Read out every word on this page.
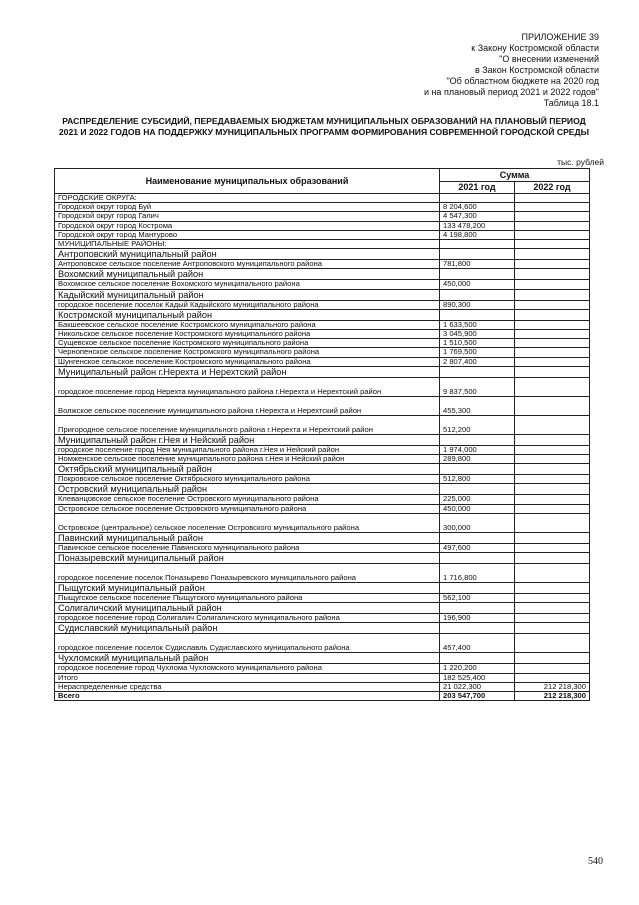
ПРИЛОЖЕНИЕ 39
к Закону Костромской области
"О внесении изменений
в Закон Костромской области
"Об областном бюджете на 2020 год
и на плановый период 2021 и 2022 годов"
Таблица 18.1
РАСПРЕДЕЛЕНИЕ СУБСИДИЙ, ПЕРЕДАВАЕМЫХ БЮДЖЕТАМ МУНИЦИПАЛЬНЫХ ОБРАЗОВАНИЙ НА ПЛАНОВЫЙ ПЕРИОД 2021 И 2022 ГОДОВ НА ПОДДЕРЖКУ МУНИЦИПАЛЬНЫХ ПРОГРАММ ФОРМИРОВАНИЯ СОВРЕМЕННОЙ ГОРОДСКОЙ СРЕДЫ
тыс. рублей
Наименование муниципальных образований	Сумма	
	2021 год	2022 год
ГОРОДСКИЕ ОКРУГА:		
Городской округ город Буй	8 204,600	
Городской округ город Галич	4 547,300	
Городской округ город Кострома	133 478,200	
Городской округ город Мантурово	4 198,800	
МУНИЦИПАЛЬНЫЕ РАЙОНЫ:		
Антроповский муниципальный район		
Антроповское сельское поселение Антроповского муниципального района	781,800	
Вохомский муниципальный район		
Вохомское сельское поселение Вохомского муниципального района	450,000	
Кадыйский муниципальный район		
городское поселение поселок Кадый Кадыйского муниципального района	890,300	
Костромской муниципальный район		
Бакшеевское сельское поселение Костромского муниципального района	1 633,500	
Никольское сельское поселение Костромского муниципального района	3 045,900	
Сущевское сельское поселение Костромского муниципального района	1 510,500	
Чернопенское сельское поселение Костромского муниципального района	1 769,500	
Шунгенское сельское поселение Костромского муниципального района	2 807,400	
Муниципальный район г.Нерехта и Нерехтский район		
городское поселение город Нерехта муниципального района г.Нерехта и Нерехтский район	9 837,500	
Волжское сельское поселение муниципального района г.Нерехта и Нерехтский район	455,300	
Пригородное сельское поселение муниципального района г.Нерехта и Нерехтский район	512,200	
Муниципальный район г.Нея и Нейский район		
городское поселение город Нея муниципального района г.Нея и Нейский район	1 974,000	
Номженское сельское поселение муниципального района г.Нея и Нейский район	289,800	
Октябрьский муниципальный район		
Покровское сельское поселение Октябрьского муниципального района	512,800	
Островский муниципальный район		
Клеванцовское сельское поселение Островского муниципального района	225,000	
Островское сельское поселение Островского муниципального района	450,000	
Островское (центральное) сельское поселение Островского муниципального района	300,000	
Павинский муниципальный район		
Павинское сельское поселение Павинского муниципального района	497,600	
Поназыревский муниципальный район		
городское поселение поселок Поназырево Поназыревского муниципального района	1 716,800	
Пыщугский муниципальный район		
Пыщугское сельское поселение Пыщугского муниципального района	562,100	
Солигаличский муниципальный район		
городское поселение город Солигалич Солигаличского муниципального района	196,900	
Судиславский муниципальный район		
городское поселение поселок Судиславль Судиславского муниципального района	457,400	
Чухломский муниципальный район		
городское поселение город Чухлома Чухломского муниципального района	1 220,200	
Итого	182 525,400	
Нераспределенные средства	21 022,300	212 218,300
Всего	203 547,700	212 218,300
540
